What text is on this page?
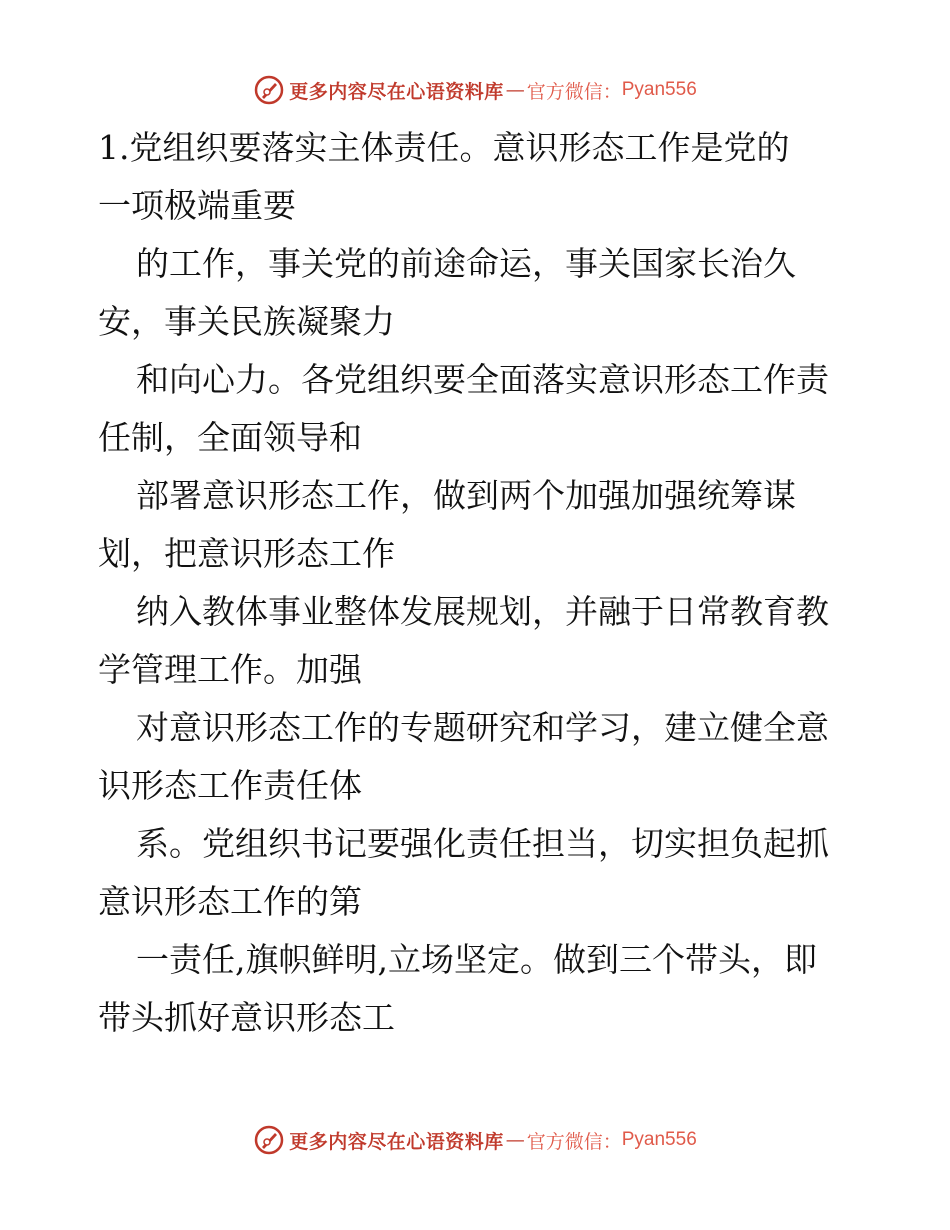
更多内容尽在心语资料库 — 官方微信： Pyan556
1.党组织要落实主体责任。意识形态工作是党的
一项极端重要
的工作，事关党的前途命运，事关国家长治久
安，事关民族凝聚力
和向心力。各党组织要全面落实意识形态工作责
任制，全面领导和
部署意识形态工作，做到两个加强加强统筹谋
划，把意识形态工作
纳入教体事业整体发展规划，并融于日常教育教
学管理工作。加强
对意识形态工作的专题研究和学习，建立健全意
识形态工作责任体
系。党组织书记要强化责任担当，切实担负起抓
意识形态工作的第
一责任,旗帜鲜明,立场坚定。做到三个带头，即
带头抓好意识形态工
更多内容尽在心语资料库 — 官方微信： Pyan556
